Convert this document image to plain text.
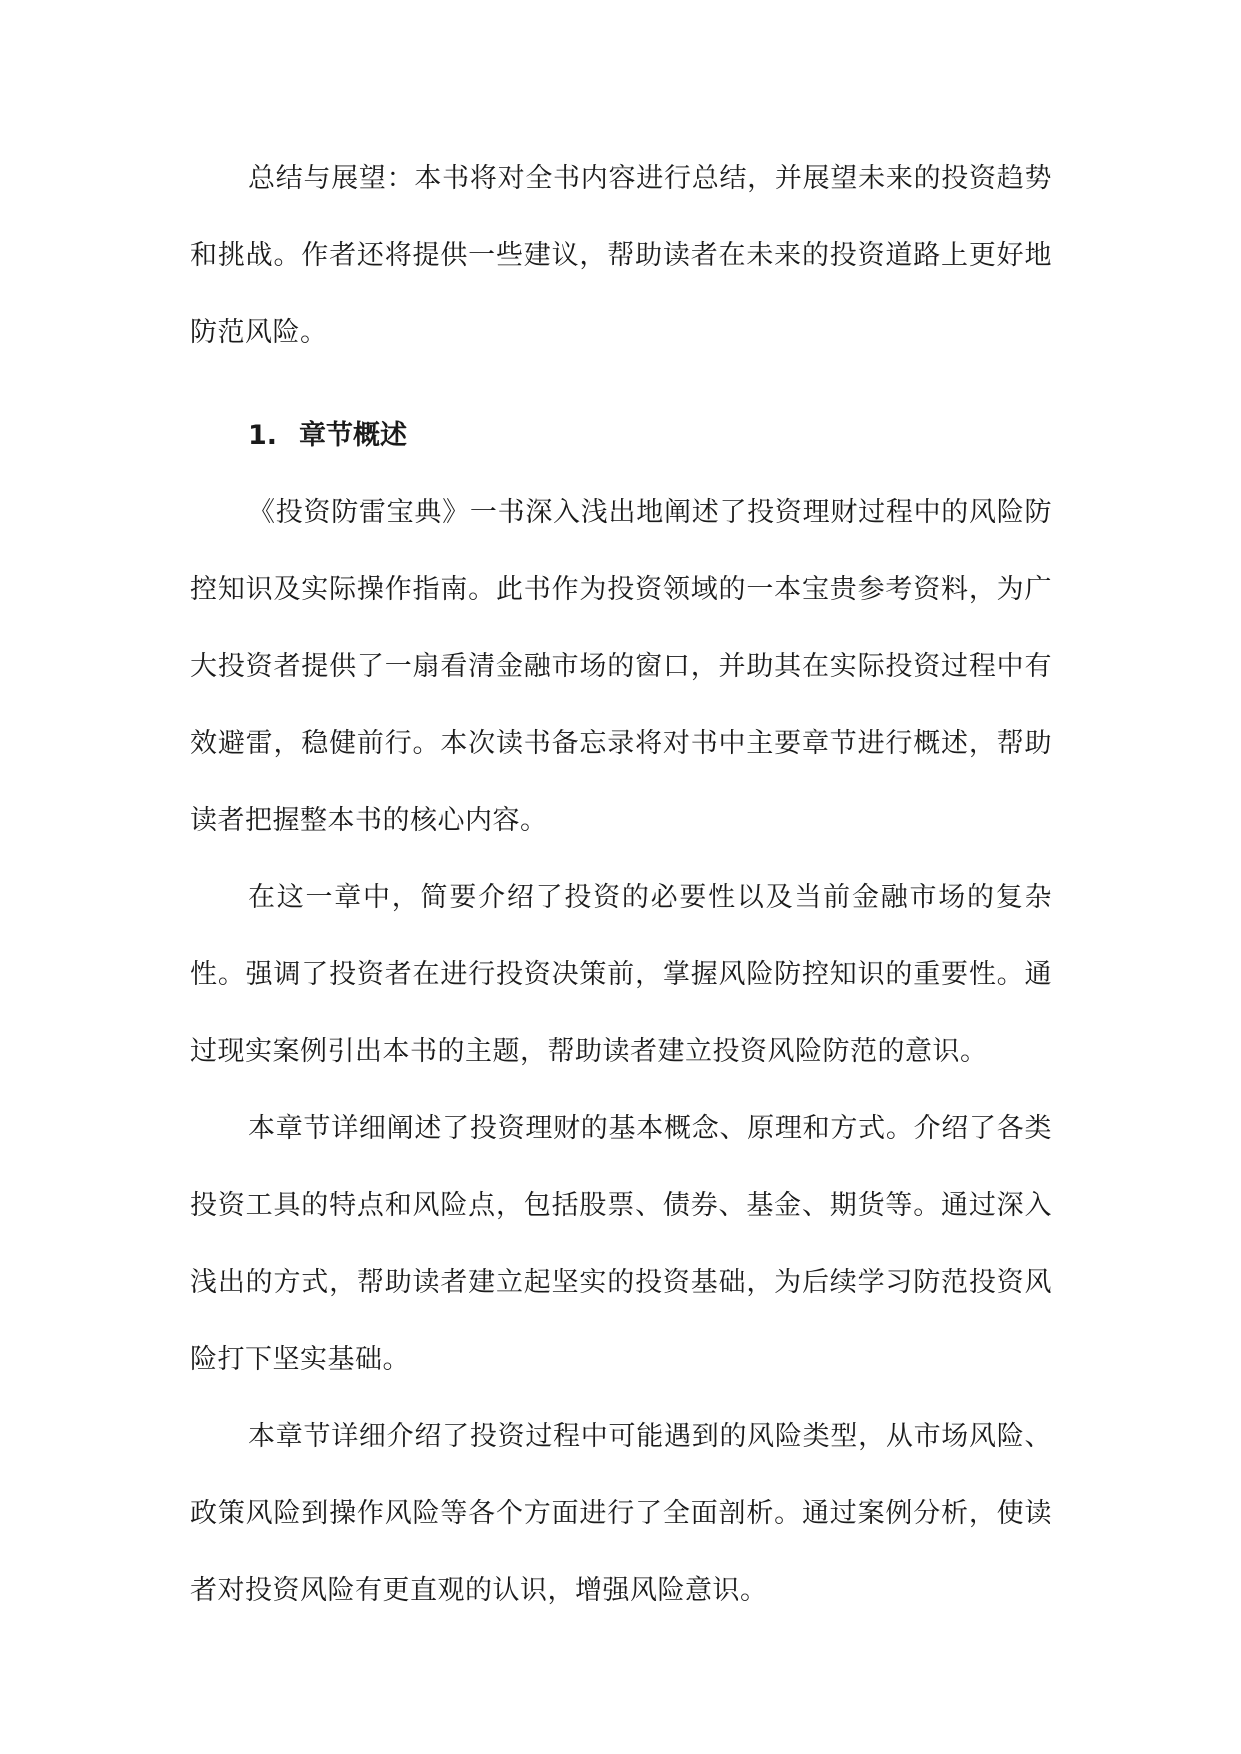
总结与展望：本书将对全书内容进行总结，并展望未来的投资趋势和挑战。作者还将提供一些建议，帮助读者在未来的投资道路上更好地防范风险。

1. 章节概述

《投资防雷宝典》一书深入浅出地阐述了投资理财过程中的风险防控知识及实际操作指南。此书作为投资领域的一本宝贵参考资料，为广大投资者提供了一扇看清金融市场的窗口，并助其在实际投资过程中有效避雷，稳健前行。本次读书备忘录将对书中主要章节进行概述，帮助读者把握整本书的核心内容。

在这一章中，简要介绍了投资的必要性以及当前金融市场的复杂性。强调了投资者在进行投资决策前，掌握风险防控知识的重要性。通过现实案例引出本书的主题，帮助读者建立投资风险防范的意识。

本章节详细阐述了投资理财的基本概念、原理和方式。介绍了各类投资工具的特点和风险点，包括股票、债券、基金、期货等。通过深入浅出的方式，帮助读者建立起坚实的投资基础，为后续学习防范投资风险打下坚实基础。

本章节详细介绍了投资过程中可能遇到的风险类型，从市场风险、政策风险到操作风险等各个方面进行了全面剖析。通过案例分析，使读者对投资风险有更直观的认识，增强风险意识。
